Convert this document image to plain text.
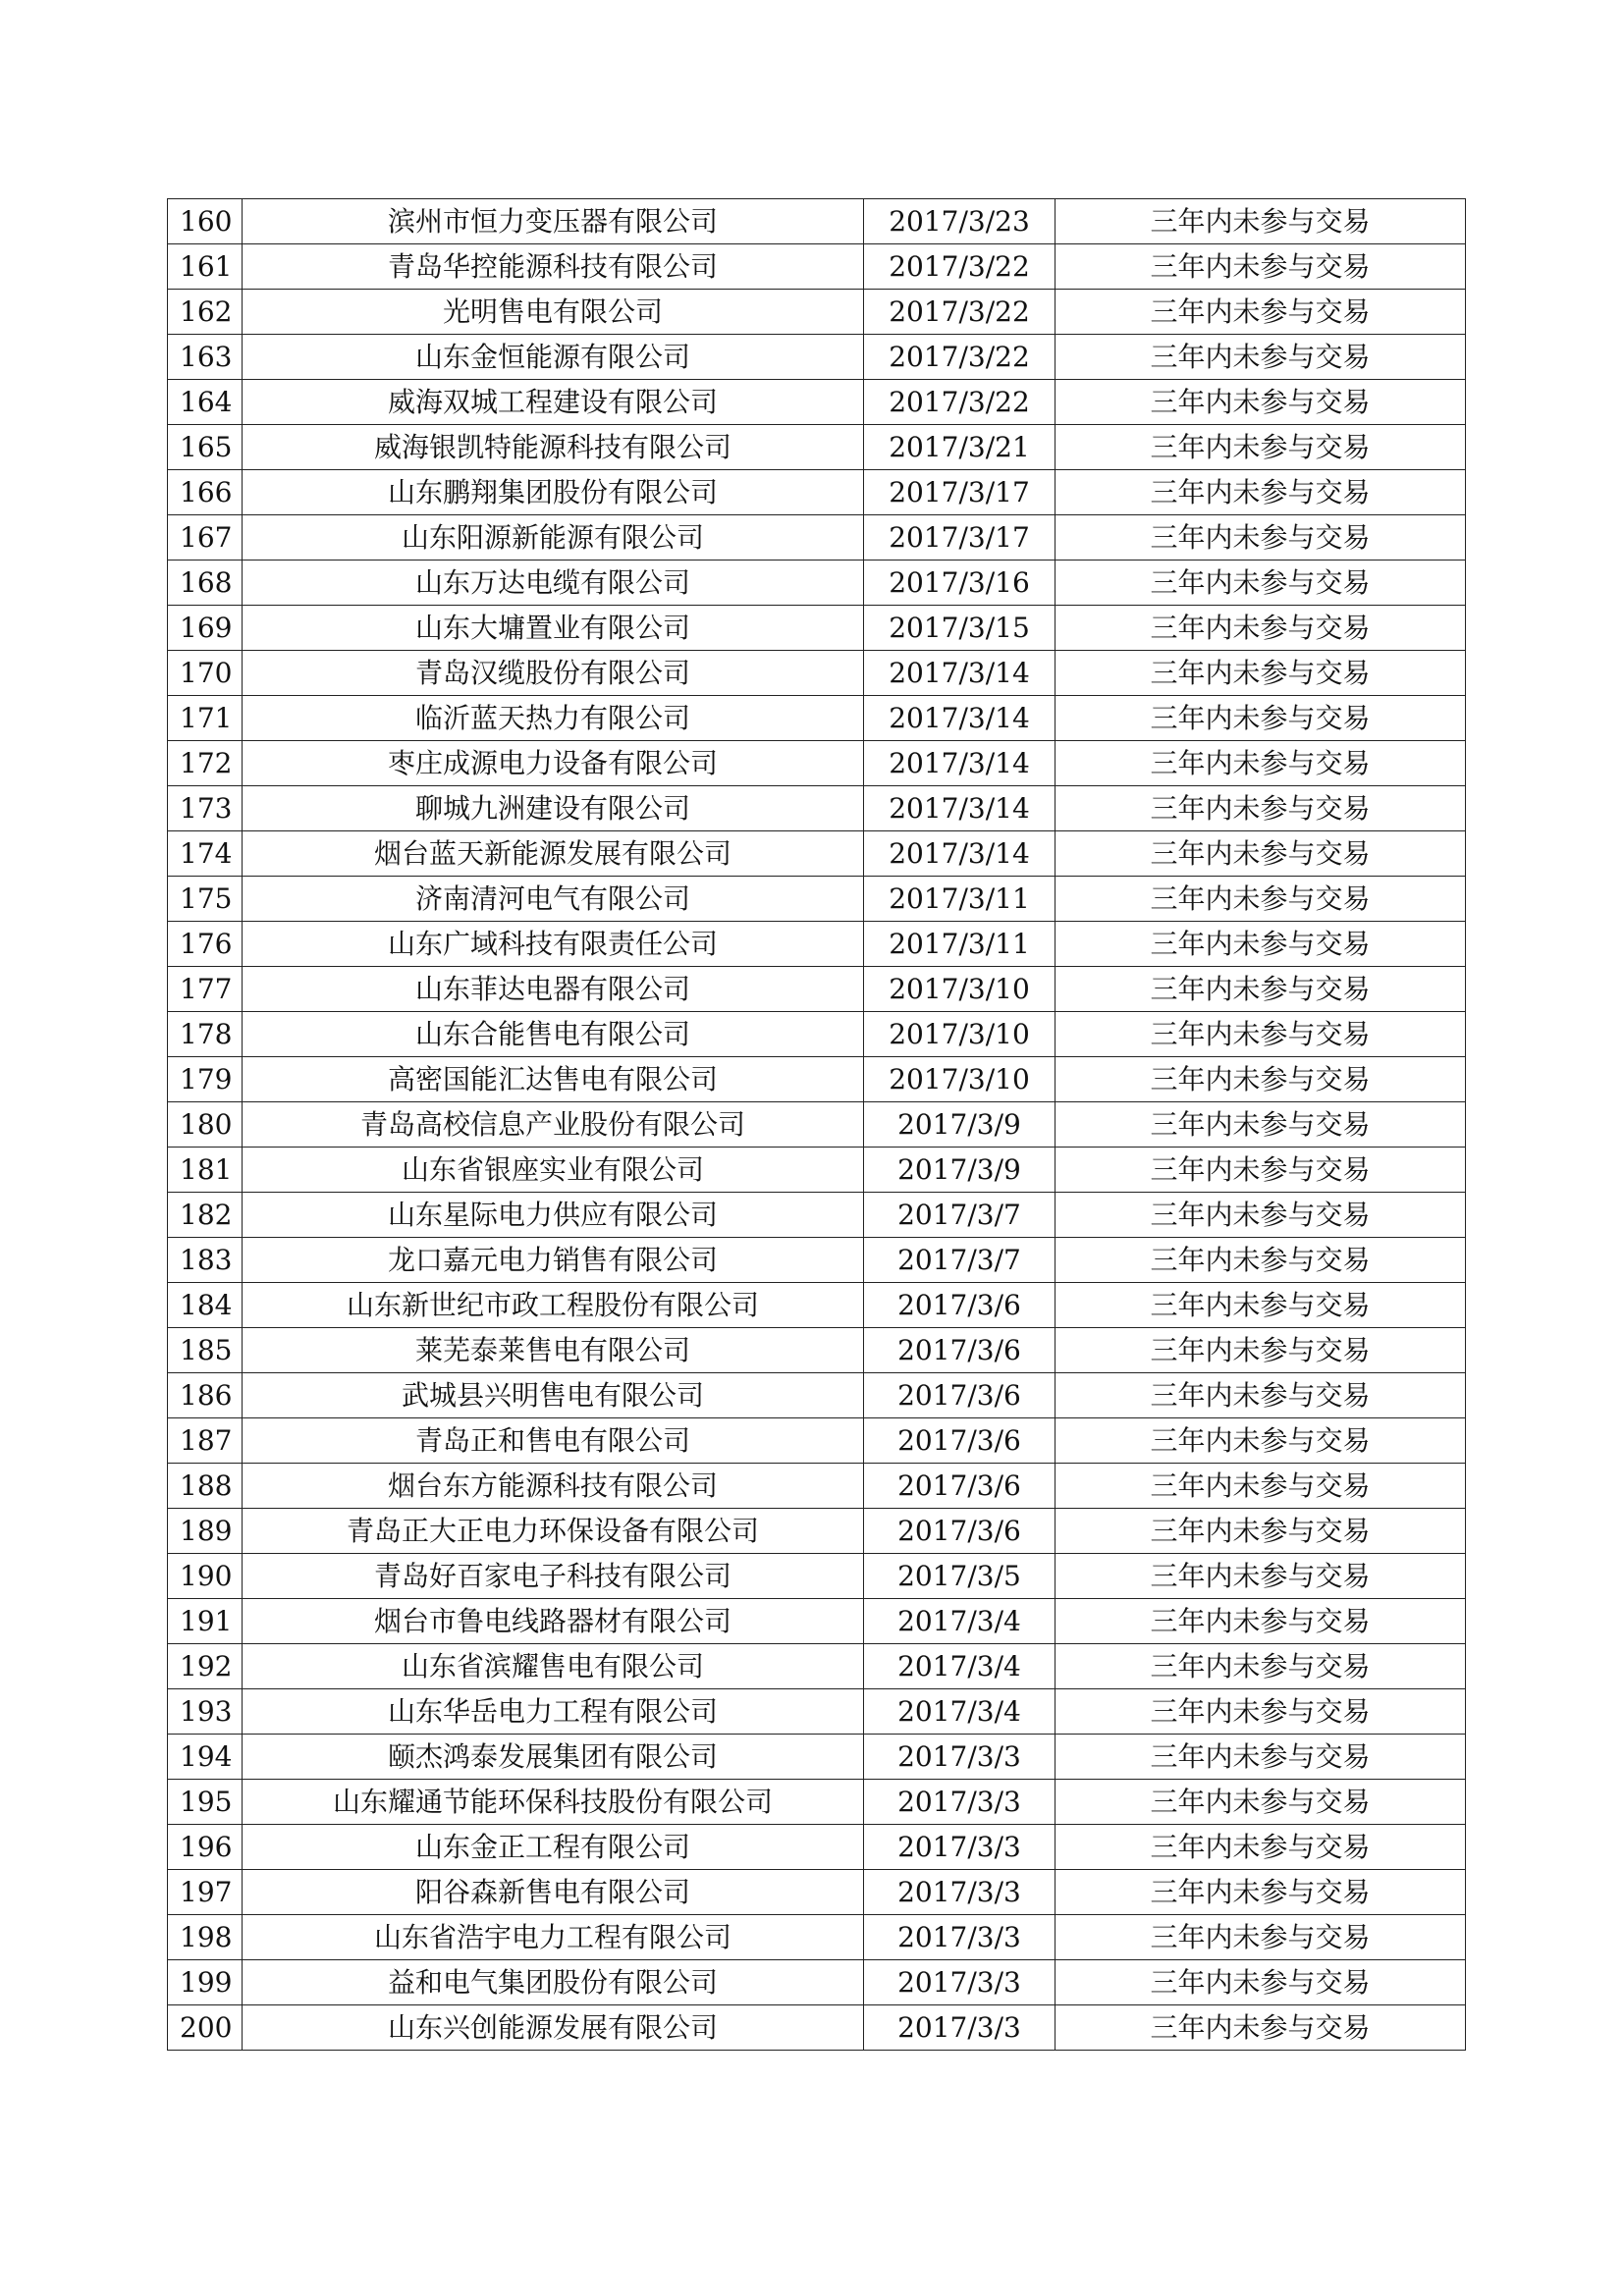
160	滨州市恒力变压器有限公司	2017/3/23	三年内未参与交易
161	青岛华控能源科技有限公司	2017/3/22	三年内未参与交易
162	光明售电有限公司	2017/3/22	三年内未参与交易
163	山东金恒能源有限公司	2017/3/22	三年内未参与交易
164	威海双城工程建设有限公司	2017/3/22	三年内未参与交易
165	威海银凯特能源科技有限公司	2017/3/21	三年内未参与交易
166	山东鹏翔集团股份有限公司	2017/3/17	三年内未参与交易
167	山东阳源新能源有限公司	2017/3/17	三年内未参与交易
168	山东万达电缆有限公司	2017/3/16	三年内未参与交易
169	山东大墉置业有限公司	2017/3/15	三年内未参与交易
170	青岛汉缆股份有限公司	2017/3/14	三年内未参与交易
171	临沂蓝天热力有限公司	2017/3/14	三年内未参与交易
172	枣庄成源电力设备有限公司	2017/3/14	三年内未参与交易
173	聊城九洲建设有限公司	2017/3/14	三年内未参与交易
174	烟台蓝天新能源发展有限公司	2017/3/14	三年内未参与交易
175	济南清河电气有限公司	2017/3/11	三年内未参与交易
176	山东广域科技有限责任公司	2017/3/11	三年内未参与交易
177	山东菲达电器有限公司	2017/3/10	三年内未参与交易
178	山东合能售电有限公司	2017/3/10	三年内未参与交易
179	高密国能汇达售电有限公司	2017/3/10	三年内未参与交易
180	青岛高校信息产业股份有限公司	2017/3/9	三年内未参与交易
181	山东省银座实业有限公司	2017/3/9	三年内未参与交易
182	山东星际电力供应有限公司	2017/3/7	三年内未参与交易
183	龙口嘉元电力销售有限公司	2017/3/7	三年内未参与交易
184	山东新世纪市政工程股份有限公司	2017/3/6	三年内未参与交易
185	莱芜泰莱售电有限公司	2017/3/6	三年内未参与交易
186	武城县兴明售电有限公司	2017/3/6	三年内未参与交易
187	青岛正和售电有限公司	2017/3/6	三年内未参与交易
188	烟台东方能源科技有限公司	2017/3/6	三年内未参与交易
189	青岛正大正电力环保设备有限公司	2017/3/6	三年内未参与交易
190	青岛好百家电子科技有限公司	2017/3/5	三年内未参与交易
191	烟台市鲁电线路器材有限公司	2017/3/4	三年内未参与交易
192	山东省滨耀售电有限公司	2017/3/4	三年内未参与交易
193	山东华岳电力工程有限公司	2017/3/4	三年内未参与交易
194	颐杰鸿泰发展集团有限公司	2017/3/3	三年内未参与交易
195	山东耀通节能环保科技股份有限公司	2017/3/3	三年内未参与交易
196	山东金正工程有限公司	2017/3/3	三年内未参与交易
197	阳谷森新售电有限公司	2017/3/3	三年内未参与交易
198	山东省浩宇电力工程有限公司	2017/3/3	三年内未参与交易
199	益和电气集团股份有限公司	2017/3/3	三年内未参与交易
200	山东兴创能源发展有限公司	2017/3/3	三年内未参与交易
